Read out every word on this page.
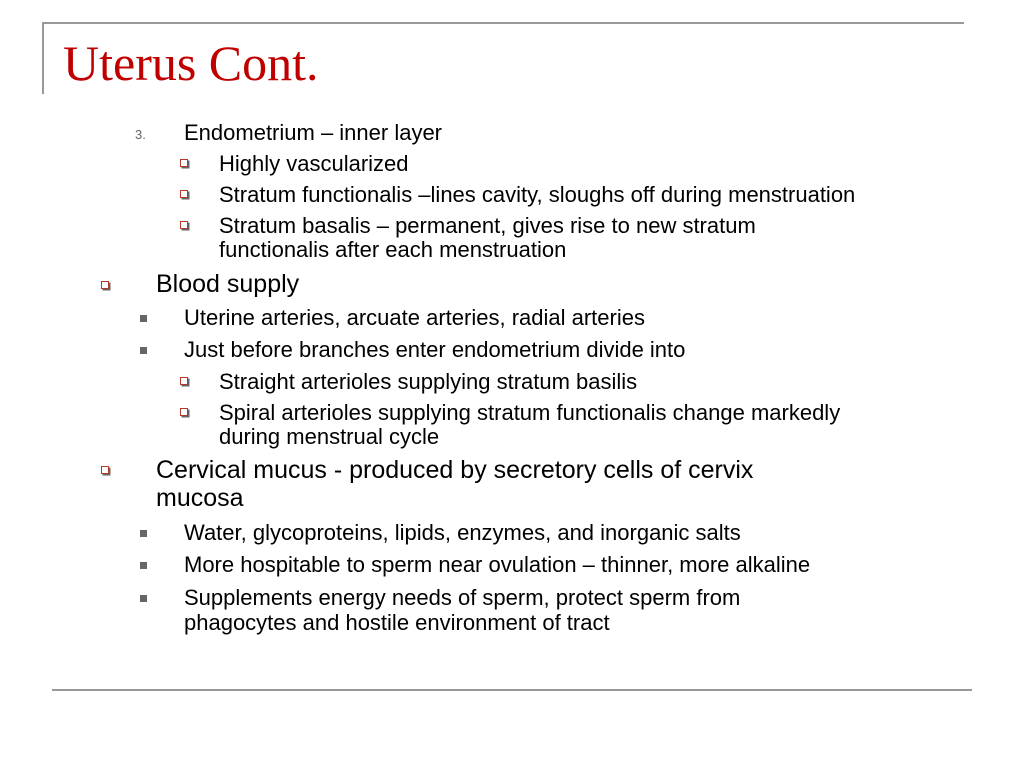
Uterus Cont.
3. Endometrium – inner layer
Highly vascularized
Stratum functionalis –lines cavity, sloughs off during menstruation
Stratum basalis – permanent, gives rise to new stratum
functionalis after each menstruation
Blood supply
Uterine arteries, arcuate arteries, radial arteries
Just before branches enter endometrium divide into
Straight arterioles supplying stratum basilis
Spiral arterioles supplying stratum functionalis change markedly
during menstrual cycle
Cervical mucus - produced by secretory cells of cervix
mucosa
Water, glycoproteins, lipids, enzymes, and inorganic salts
More hospitable to sperm near ovulation – thinner, more alkaline
Supplements energy needs of sperm, protect sperm from
phagocytes and hostile environment of tract
